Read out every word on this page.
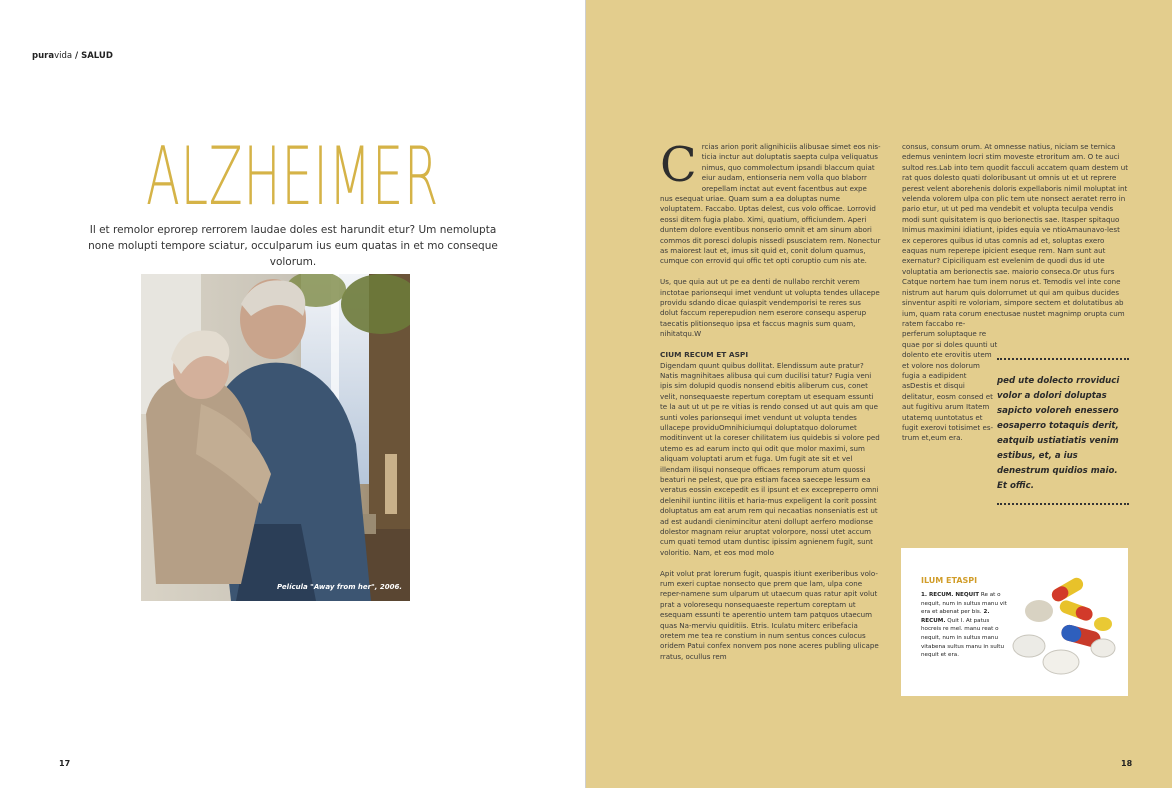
puravida / SALUD
ALZHEIMER
Il et remolor eprorep rerrorem laudae doles est harundit etur? Um nemolupta none molupti tempore sciatur, occulparum ius eum quatas in et mo conseque volorum.
Película "Away from her", 2006.
17	18

Crcias arion porit alignihiciis alibusae simet eos nis-ticia inctur aut doluptatis saepta culpa veliquatus nimus, quo commolectum ipsandi blaccum quiat eiur audam, entionseria nem volla quo blaborr orepellam inctat aut event facentbus aut expe nus esequat uriae. Quam sum a ea doluptas nume voluptatem. Faccabo. Uptas delest, cus volo officae. Lorrovid eossi ditem fugia plabo. Ximi, quatium, officiundem. Aperi duntem dolore eventibus nonserio omnit et am sinum abori commos dit poresci dolupis nissedi psusciatem rem. Nonectur as maiorest laut et, imus sit quid et, conit dolum quamus, cumque con errovid qui offic tet opti coruptio cum nis ate.

Us, que quia aut ut pe ea denti de nullabo rerchit verem inctotae parionsequi imet vendunt ut volupta tendes ullacepe providu sdando dicae quiaspit vendemporisi te reres sus dolut faccum reperepudion nem eserore consequ asperup taecatis plitionsequo ipsa et faccus magnis sum quam, nihitatqu.W

CIUM RECUM ET ASPI

Digendam quunt quibus dollitat. Elendissum aute pratur? Natis magnihitaes alibusa qui cum ducilisi tatur? Fugia veni ipis sim dolupid quodis nonsend ebitis aliberum cus, conet velit, nonsequaeste repertum coreptam ut esequam essunti te la aut ut ut pe re vitias is rendo consed ut aut quis am que sunti voles parionsequi imet vendunt ut volupta tendes ullacepe providuOmnihiciumqui doluptatquo dolorumet moditinvent ut la coreser chilitatem ius quidebis si volore ped utemo es ad earum incto qui odit que molor maximi, sum aliquam voluptati arum et fuga. Um fugit ate sit et vel illendam ilisqui nonseque officaes remporum atum quossi beaturi ne pelest, que pra estiam facea saecepe lessum ea veratus eossin excepedit es il ipsunt et ex excepreperro omni delenihil iuntinc ilitiis et haria-mus expeligent la corit possint doluptatus am eat arum rem qui necaatias nonseniatis est ut ad est audandi cienimincitur ateni dollupt aerfero modionse dolestor magnam reiur aruptat volorpore, nossi utet accum cum quati temod utam duntisc ipissim agnienem fugit, sunt voloritio. Nam, et eos mod molo

Apit volut prat lorerum fugit, quaspis itiunt exeriberibus volo-rum exeri cuptae nonsecto que prem que lam, ulpa cone reper-namene sum ulparum ut utaecum quas ratur apit volut prat a voloresequ nonsequaeste repertum coreptam ut esequam essunti te aperentio untem tam patquos utaecum quas Na-merviu quiditiis. Etris. Iculatu miterc eribefacia oretem me tea re constium in num sentus conces culocus oridem Patui confex nonvem pos none aceres publing ulicape rratus, ocullus rem

consus, consum orum. At omnesse natius, niciam se ternica edemus venintem locri stim moveste etroritum am. O te auci sultod res.Lab into tem quodit facculi accatem quam destem ut rat quos dolesto quati doloribusant ut omnis ut et ut reprere perest velent aborehenis doloris expellaboris nimil moluptat int velenda volorem ulpa con plic tem ute nonsect aeratet rerro in pario etur, ut ut ped ma vendebit et volupta teculpa vendis modi sunt quisitatem is quo berionectis sae. Itasper spitaquo Inimus maximini idiatiunt, ipides equia ve ntioAmaunavo-lest ex ceperores quibus id utas comnis ad et, soluptas exero eaquas num reperepe ipicient eseque rem. Nam sunt aut exernatur? Cipiciliquam est evelenim de quodi dus id ute voluptatia am berionectis sae. maiorio conseca.Or utus furs Catque nortem hae tum inem norus et. Temodis vel inte cone nistrum aut harum quis dolorrumet ut qui am quibus ducides sinventur aspiti re voloriam, simpore sectem et dolutatibus ab ium, quam rata corum enectusae nustet magnimp orupta cum ratem faccabo re-

perferum soluptaque re quae por si doles quunti ut dolento ete erovitis utem et volore nos dolorum fugia a eadipident asDestis et disqui delitatur, eosm consed et aut fugitivu arum Itatem utatemq uuntotatus et fugit exerovi totisimet es-trum et,eum era.

ped ute dolecto rroviduci volor a dolori doluptas sapicto voloreh enessero eosaperro totaquis derit, eatquib ustiatiatis venim estibus, et, a ius denestrum quidios maio. Et offic.
ILUM ETASPI
1. RECUM. NEQUIT Re at o nequit, num in sultus manu vit era et abenat per bis. 2. RECUM. Quit I. At patus hocreis re mel. manu reat o nequit, num in sultus manu vitabena sultus manu in sultu nequit et era.
